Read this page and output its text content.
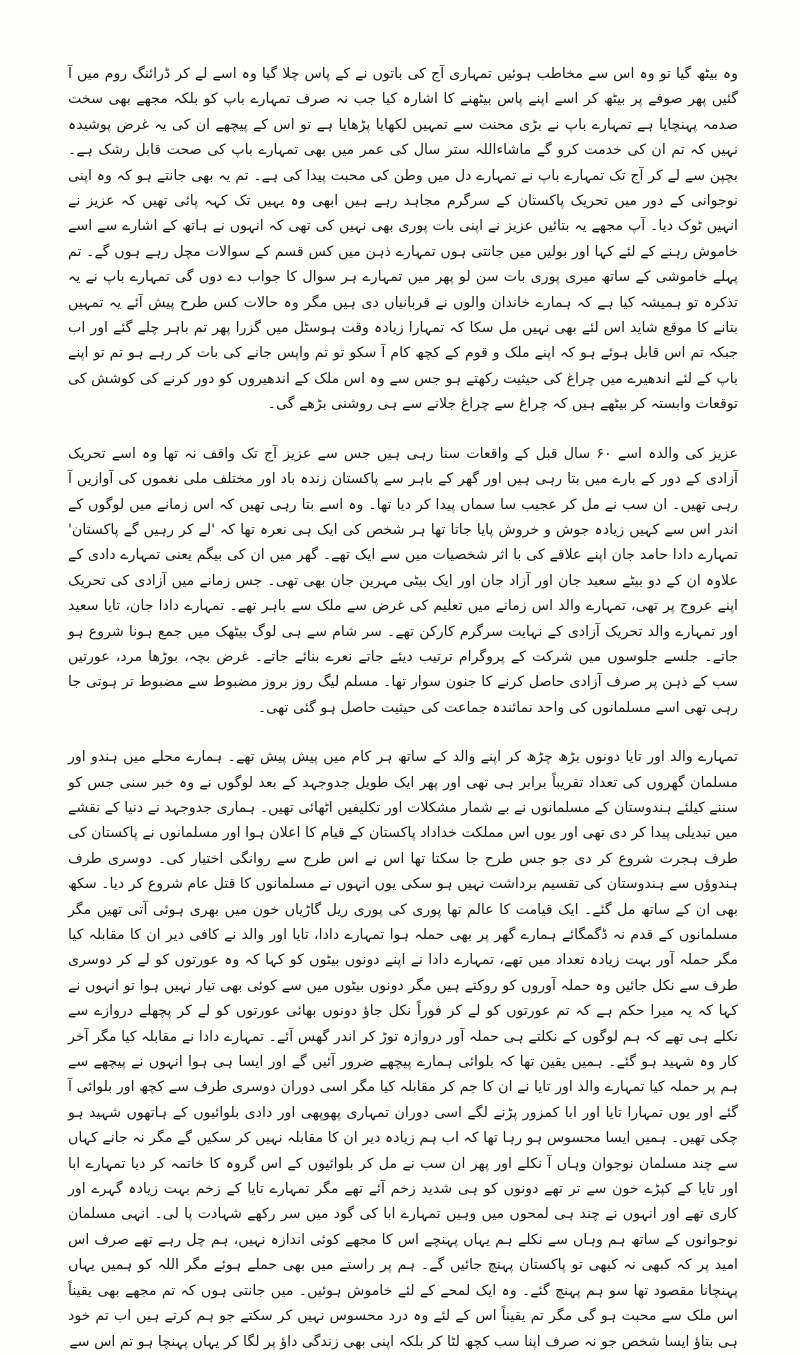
وہ بیٹھ گیا تو وہ اس سے مخاطب ہوئیں تمہاری آج کی باتوں نے کے پاس چلا گیا وہ اسے لے کر ڈرائنگ روم میں آ گئیں پھر صوفے پر بیٹھ کر اسے اپنے پاس بیٹھنے کا اشارہ کیا جب نہ صرف تمہارے باپ کو بلکہ مجھے بھی سخت صدمہ پہنچایا ہے تمہارے باپ نے بڑی محنت سے تمہیں لکھایا پڑھایا ہے تو اس کے پیچھے ان کی یہ غرض پوشیدہ نہیں کہ تم ان کی خدمت کرو گے ماشاءاللہ ستر سال کی عمر میں بھی تمہارے باپ کی صحت قابل رشک ہے۔ بچپن سے لے کر آج تک تمہارے باپ نے تمہارے دل میں وطن کی محبت پیدا کی ہے۔ تم یہ بھی جانتے ہو کہ وہ اپنی نوجوانی کے دور میں تحریک پاکستان کے سرگرم مجاہد رہے ہیں ابھی وہ یہیں تک کہہ پائی تھیں کہ عزیز نے انہیں ٹوک دیا۔ آپ مجھے یہ بتائیں عزیز نے اپنی بات پوری بھی نہیں کی تھی کہ انہوں نے ہاتھ کے اشارے سے اسے خاموش رہنے کے لئے کہا اور بولیں میں جانتی ہوں تمہارے ذہن میں کس قسم کے سوالات مچل رہے ہوں گے۔ تم پہلے خاموشی کے ساتھ میری پوری بات سن لو پھر میں تمہارے ہر سوال کا جواب دے دوں گی تمہارے باپ نے یہ تذکرہ تو ہمیشہ کیا ہے کہ ہمارے خاندان والوں نے قربانیاں دی ہیں مگر وہ حالات کس طرح پیش آئے یہ تمہیں بتانے کا موقع شاید اس لئے بھی نہیں مل سکا کہ تمہارا زیادہ وقت ہوسٹل میں گزرا پھر تم باہر چلے گئے اور اب جبکہ تم اس قابل ہوئے ہو کہ اپنے ملک و قوم کے کچھ کام آ سکو تو تم واپس جانے کی بات کر رہے ہو تم تو اپنے باپ کے لئے اندھیرے میں چراغ کی حیثیت رکھتے ہو جس سے وہ اس ملک کے اندھیروں کو دور کرنے کی کوشش کی توقعات وابستہ کر بیٹھے ہیں کہ چراغ سے چراغ جلانے سے ہی روشنی بڑھے گی۔

عزیز کی والدہ اسے ۶۰ سال قبل کے واقعات سنا رہی ہیں جس سے عزیز آج تک واقف نہ تھا وہ اسے تحریک آزادی کے دور کے بارے میں بتا رہی ہیں اور گھر کے باہر سے پاکستان زندہ باد اور مختلف ملی نغموں کی آوازیں آ رہی تھیں۔ ان سب نے مل کر عجیب سا سماں پیدا کر دیا تھا۔ وہ اسے بتا رہی تھیں کہ اس زمانے میں لوگوں کے اندر اس سے کہیں زیادہ جوش و خروش پایا جاتا تھا ہر شخص کی ایک ہی نعرہ تھا کہ 'لے کر رہیں گے پاکستان' تمہارے دادا حامد جان اپنے علاقے کی با اثر شخصیات میں سے ایک تھے۔ گھر میں ان کی بیگم یعنی تمہارے دادی کے علاوہ ان کے دو بیٹے سعید جان اور آزاد جان اور ایک بیٹی مہرین جان بھی تھی۔ جس زمانے میں آزادی کی تحریک اپنے عروج پر تھی، تمہارے والد اس زمانے میں تعلیم کی غرض سے ملک سے باہر تھے۔ تمہارے دادا جان، تایا سعید اور تمہارے والد تحریک آزادی کے نہایت سرگرم کارکن تھے۔ سر شام سے ہی لوگ بیٹھک میں جمع ہونا شروع ہو جاتے۔ جلسے جلوسوں میں شرکت کے پروگرام ترتیب دیئے جاتے نعرے بنائے جاتے۔ غرض بچہ، بوڑھا مرد، عورتیں سب کے ذہن پر صرف آزادی حاصل کرنے کا جنون سوار تھا۔ مسلم لیگ روز بروز مضبوط سے مضبوط تر ہوتی جا رہی تھی اسے مسلمانوں کی واحد نمائندہ جماعت کی حیثیت حاصل ہو گئی تھی۔

تمہارے والد اور تایا دونوں بڑھ چڑھ کر اپنے والد کے ساتھ ہر کام میں پیش پیش تھے۔ ہمارے محلے میں ہندو اور مسلمان گھروں کی تعداد تقریباً برابر ہی تھی اور پھر ایک طویل جدوجہد کے بعد لوگوں نے وہ خبر سنی جس کو سننے کیلئے ہندوستان کے مسلمانوں نے بے شمار مشکلات اور تکلیفیں اٹھائی تھیں۔ ہماری جدوجہد نے دنیا کے نقشے میں تبدیلی پیدا کر دی تھی اور یوں اس مملکت خداداد پاکستان کے قیام کا اعلان ہوا اور مسلمانوں نے پاکستان کی طرف ہجرت شروع کر دی جو جس طرح جا سکتا تھا اس نے اس طرح سے روانگی اختیار کی۔ دوسری طرف ہندوؤں سے ہندوستان کی تقسیم برداشت نہیں ہو سکی یوں انہوں نے مسلمانوں کا قتل عام شروع کر دیا۔ سکھ بھی ان کے ساتھ مل گئے۔ ایک قیامت کا عالم تھا پوری کی پوری ریل گاڑیاں خون میں بھری ہوئی آتی تھیں مگر مسلمانوں کے قدم نہ ڈگمگائے ہمارے گھر پر بھی حملہ ہوا تمہارے دادا، تایا اور والد نے کافی دیر ان کا مقابلہ کیا مگر حملہ آور بہت زیادہ تعداد میں تھے، تمہارے دادا نے اپنے دونوں بیٹوں کو کہا کہ وہ عورتوں کو لے کر دوسری طرف سے نکل جائیں وہ حملہ آوروں کو روکتے ہیں مگر دونوں بیٹوں میں سے کوئی بھی تیار نہیں ہوا تو انہوں نے کہا کہ یہ میرا حکم ہے کہ تم عورتوں کو لے کر فوراً نکل جاؤ دونوں بھائی عورتوں کو لے کر پچھلے دروازے سے نکلے ہی تھے کہ ہم لوگوں کے نکلتے ہی حملہ آور دروازہ توڑ کر اندر گھس آئے۔ تمہارے دادا نے مقابلہ کیا مگر آخر کار وہ شہید ہو گئے۔ ہمیں یقین تھا کہ بلوائی ہمارے پیچھے ضرور آئیں گے اور ایسا ہی ہوا انہوں نے پیچھے سے ہم پر حملہ کیا تمہارے والد اور تایا نے ان کا جم کر مقابلہ کیا مگر اسی دوران دوسری طرف سے کچھ اور بلوائی آ گئے اور یوں تمہارا تایا اور ابا کمزور پڑنے لگے اسی دوران تمہاری پھوپھی اور دادی بلوائیوں کے ہاتھوں شہید ہو چکی تھیں۔ ہمیں ایسا محسوس ہو رہا تھا کہ اب ہم زیادہ دیر ان کا مقابلہ نہیں کر سکیں گے مگر نہ جانے کہاں سے چند مسلمان نوجوان وہاں آ نکلے اور پھر ان سب نے مل کر بلوائیوں کے اس گروہ کا خاتمہ کر دیا تمہارے ابا اور تایا کے کپڑے خون سے تر تھے دونوں کو ہی شدید زخم آئے تھے مگر تمہارے تایا کے زخم بہت زیادہ گہرے اور کاری تھے اور انہوں نے چند ہی لمحوں میں وہیں تمہارے ابا کی گود میں سر رکھے شہادت پا لی۔ انہی مسلمان نوجوانوں کے ساتھ ہم وہاں سے نکلے ہم یہاں پہنچے اس کا مجھے کوئی اندازہ نہیں، ہم چل رہے تھے صرف اس امید پر کہ کبھی نہ کبھی تو پاکستان پہنچ جائیں گے۔ ہم پر راستے میں بھی حملے ہوئے مگر اللہ کو ہمیں یہاں پہنچانا مقصود تھا سو ہم پہنچ گئے۔ وہ ایک لمحے کے لئے خاموش ہوئیں۔ میں جانتی ہوں کہ تم مجھے بھی یقیناً اس ملک سے محبت ہو گی مگر تم یقیناً اس کے لئے وہ درد محسوس نہیں کر سکتے جو ہم کرتے ہیں اب تم خود ہی بتاؤ ایسا شخص جو نہ صرف اپنا سب کچھ لٹا کر بلکہ اپنی بھی زندگی داؤ پر لگا کر یہاں پہنچا ہو تم اس سے
